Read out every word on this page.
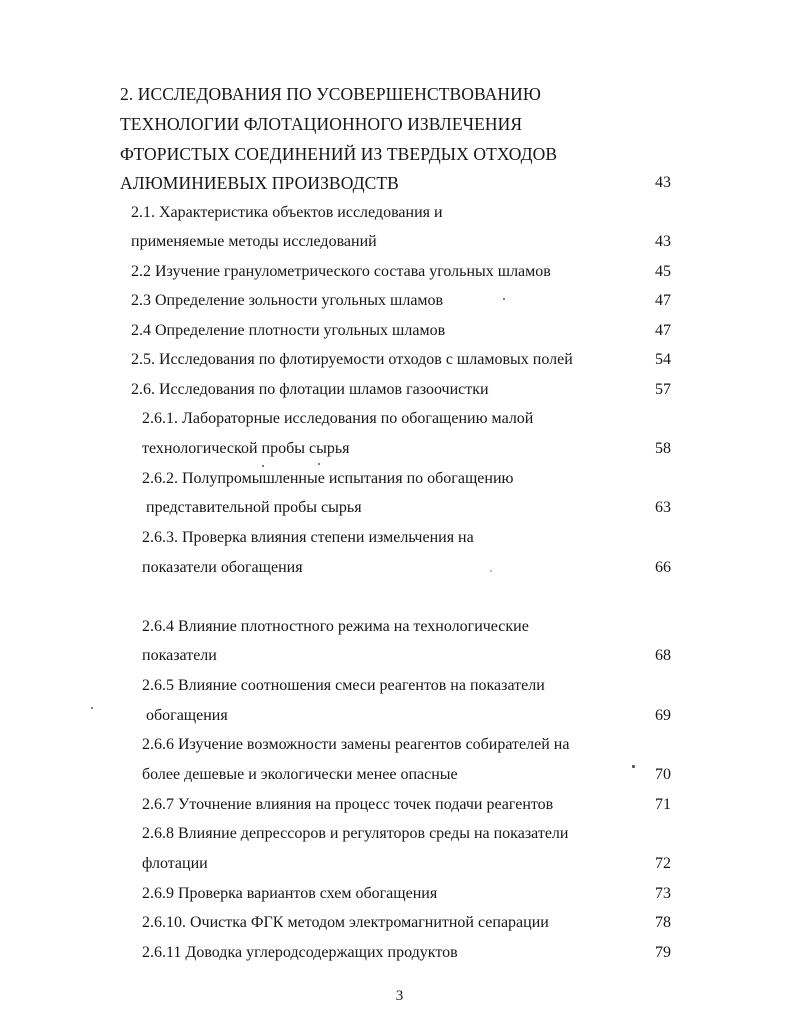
2. ИССЛЕДОВАНИЯ ПО УСОВЕРШЕНСТВОВАНИЮ
ТЕХНОЛОГИИ ФЛОТАЦИОННОГО ИЗВЛЕЧЕНИЯ
ФТОРИСТЫХ СОЕДИНЕНИЙ ИЗ ТВЕРДЫХ ОТХОДОВ
АЛЮМИНИЕВЫХ ПРОИЗВОДСТВ	43
2.1. Характеристика объектов исследования и
применяемые методы исследований	43
2.2 Изучение гранулометрического состава угольных шламов	45
2.3 Определение зольности угольных шламов	47
2.4 Определение плотности угольных шламов	47
2.5. Исследования по флотируемости отходов с шламовых полей	54
2.6. Исследования по флотации шламов газоочистки	57
2.6.1. Лабораторные исследования по обогащению малой
технологической пробы сырья	58
2.6.2. Полупромышленные испытания по обогащению
представительной пробы сырья	63
2.6.3. Проверка влияния степени измельчения на
показатели обогащения	66
2.6.4 Влияние плотностного режима на технологические
показатели	68
2.6.5 Влияние соотношения смеси реагентов на показатели
обогащения	69
2.6.6 Изучение возможности замены реагентов собирателей на
более дешевые и экологически менее опасные	70
2.6.7 Уточнение влияния на процесс точек подачи реагентов	71
2.6.8 Влияние депрессоров и регуляторов среды на показатели
флотации	72
2.6.9 Проверка вариантов схем обогащения	73
2.6.10. Очистка ФГК методом электромагнитной сепарации	78
2.6.11 Доводка углеродсодержащих продуктов	79
3
